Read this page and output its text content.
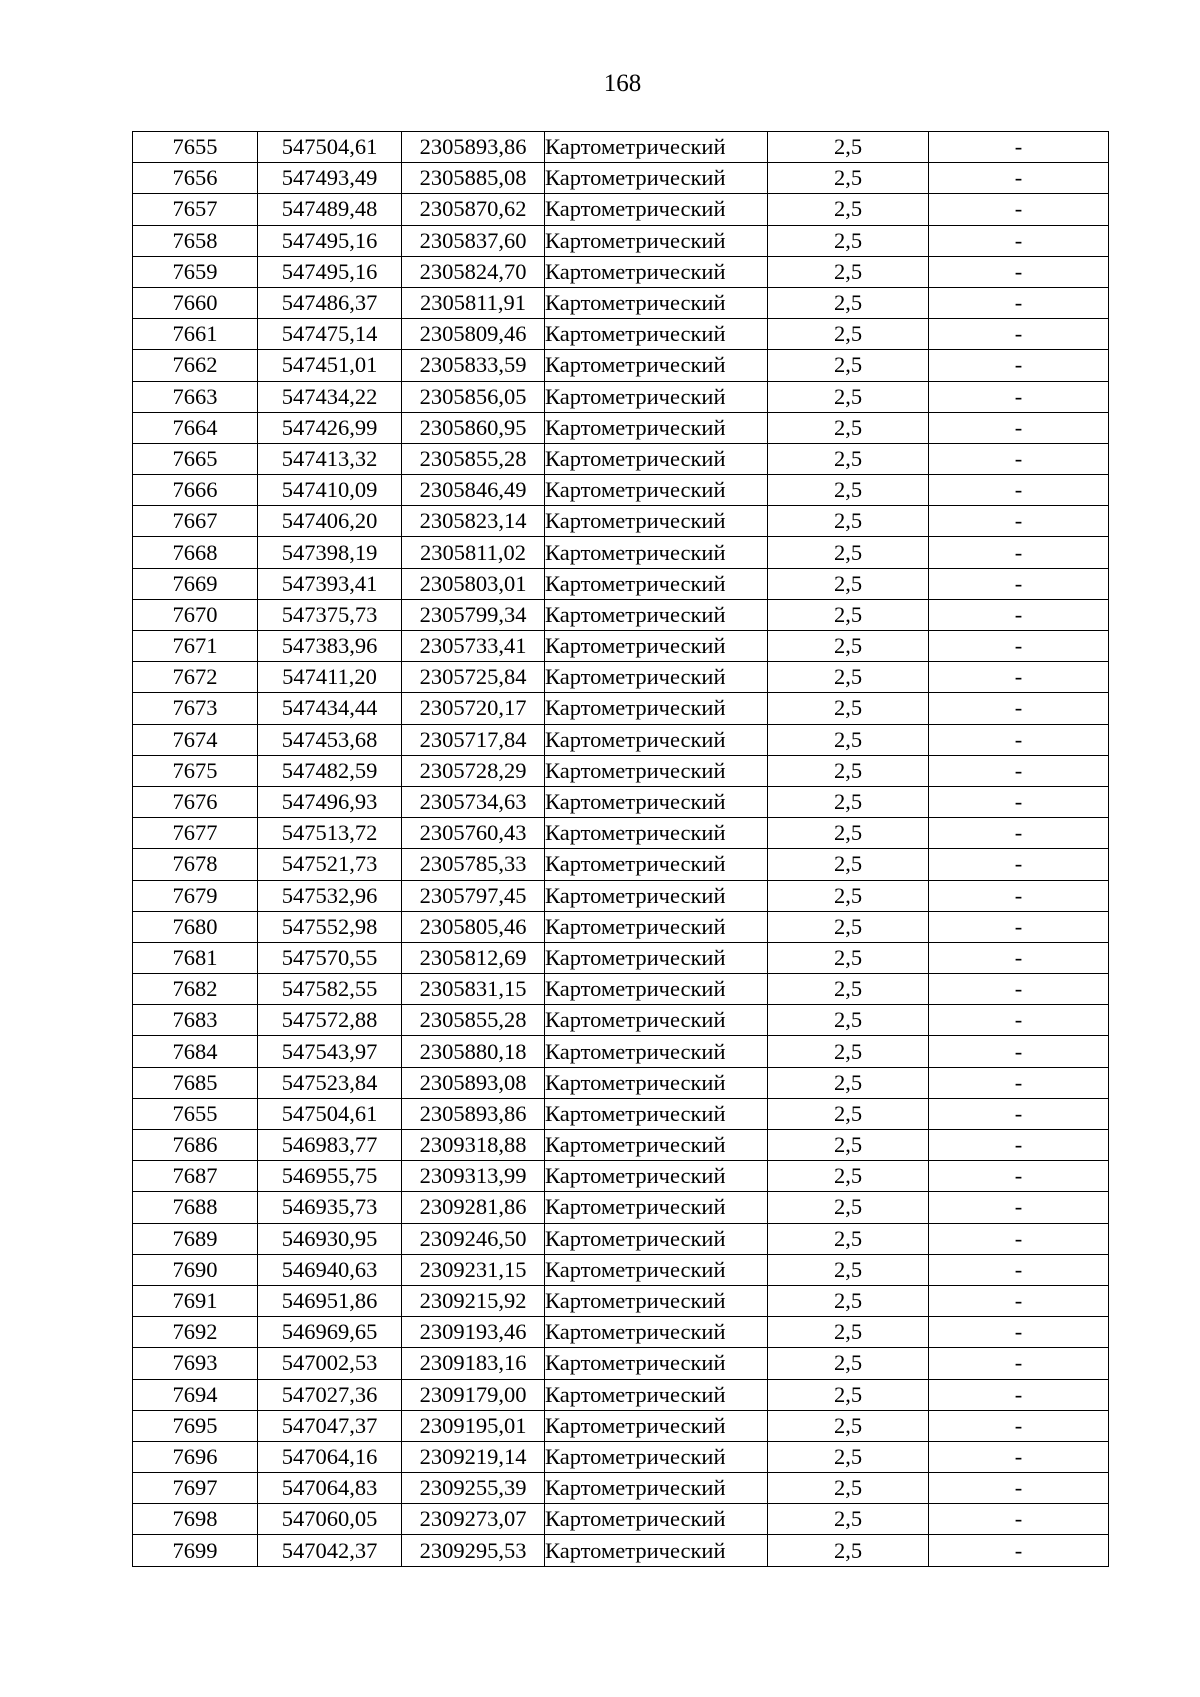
168
7655	547504,61	2305893,86	Картометрический	2,5	-
7656	547493,49	2305885,08	Картометрический	2,5	-
7657	547489,48	2305870,62	Картометрический	2,5	-
7658	547495,16	2305837,60	Картометрический	2,5	-
7659	547495,16	2305824,70	Картометрический	2,5	-
7660	547486,37	2305811,91	Картометрический	2,5	-
7661	547475,14	2305809,46	Картометрический	2,5	-
7662	547451,01	2305833,59	Картометрический	2,5	-
7663	547434,22	2305856,05	Картометрический	2,5	-
7664	547426,99	2305860,95	Картометрический	2,5	-
7665	547413,32	2305855,28	Картометрический	2,5	-
7666	547410,09	2305846,49	Картометрический	2,5	-
7667	547406,20	2305823,14	Картометрический	2,5	-
7668	547398,19	2305811,02	Картометрический	2,5	-
7669	547393,41	2305803,01	Картометрический	2,5	-
7670	547375,73	2305799,34	Картометрический	2,5	-
7671	547383,96	2305733,41	Картометрический	2,5	-
7672	547411,20	2305725,84	Картометрический	2,5	-
7673	547434,44	2305720,17	Картометрический	2,5	-
7674	547453,68	2305717,84	Картометрический	2,5	-
7675	547482,59	2305728,29	Картометрический	2,5	-
7676	547496,93	2305734,63	Картометрический	2,5	-
7677	547513,72	2305760,43	Картометрический	2,5	-
7678	547521,73	2305785,33	Картометрический	2,5	-
7679	547532,96	2305797,45	Картометрический	2,5	-
7680	547552,98	2305805,46	Картометрический	2,5	-
7681	547570,55	2305812,69	Картометрический	2,5	-
7682	547582,55	2305831,15	Картометрический	2,5	-
7683	547572,88	2305855,28	Картометрический	2,5	-
7684	547543,97	2305880,18	Картометрический	2,5	-
7685	547523,84	2305893,08	Картометрический	2,5	-
7655	547504,61	2305893,86	Картометрический	2,5	-
7686	546983,77	2309318,88	Картометрический	2,5	-
7687	546955,75	2309313,99	Картометрический	2,5	-
7688	546935,73	2309281,86	Картометрический	2,5	-
7689	546930,95	2309246,50	Картометрический	2,5	-
7690	546940,63	2309231,15	Картометрический	2,5	-
7691	546951,86	2309215,92	Картометрический	2,5	-
7692	546969,65	2309193,46	Картометрический	2,5	-
7693	547002,53	2309183,16	Картометрический	2,5	-
7694	547027,36	2309179,00	Картометрический	2,5	-
7695	547047,37	2309195,01	Картометрический	2,5	-
7696	547064,16	2309219,14	Картометрический	2,5	-
7697	547064,83	2309255,39	Картометрический	2,5	-
7698	547060,05	2309273,07	Картометрический	2,5	-
7699	547042,37	2309295,53	Картометрический	2,5	-
